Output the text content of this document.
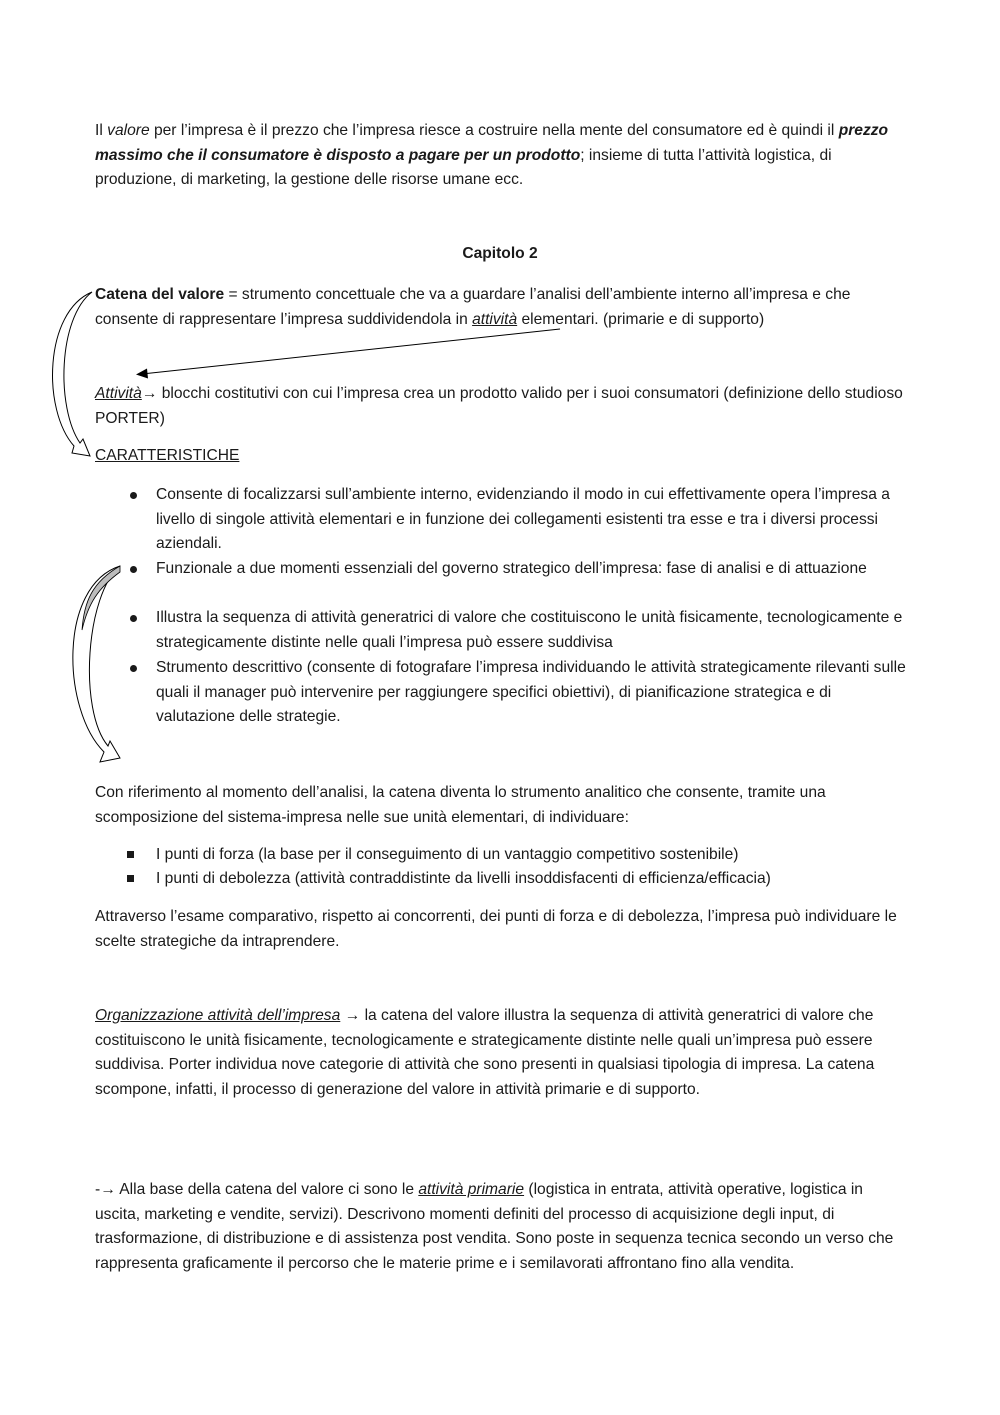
Il valore per l’impresa è il prezzo che l’impresa riesce a costruire nella mente del consumatore ed è quindi il prezzo massimo che il consumatore è disposto a pagare per un prodotto; insieme di tutta l’attività logistica, di produzione, di marketing, la gestione delle risorse umane ecc.
Capitolo 2
Catena del valore = strumento concettuale che va a guardare l’analisi dell’ambiente interno all’impresa e che consente di rappresentare l’impresa suddividendola in attività elementari. (primarie e di supporto)
Attività→ blocchi costitutivi con cui l’impresa crea un prodotto valido per i suoi consumatori (definizione dello studioso PORTER)
CARATTERISTICHE
Consente di focalizzarsi sull’ambiente interno, evidenziando il modo in cui effettivamente opera l’impresa a livello di singole attività elementari e in funzione dei collegamenti esistenti tra esse e tra i diversi processi aziendali.
Funzionale a due momenti essenziali del governo strategico dell’impresa: fase di analisi e di attuazione
Illustra la sequenza di attività generatrici di valore che costituiscono le unità fisicamente, tecnologicamente e strategicamente distinte nelle quali l’impresa può essere suddivisa
Strumento descrittivo (consente di fotografare l’impresa individuando le attività strategicamente rilevanti sulle quali il manager può intervenire per raggiungere specifici obiettivi), di pianificazione strategica e di valutazione delle strategie.
Con riferimento al momento dell’analisi, la catena diventa lo strumento analitico che consente, tramite una scomposizione del sistema-impresa nelle sue unità elementari, di individuare:
I punti di forza (la base per il conseguimento di un vantaggio competitivo sostenibile)
I punti di debolezza (attività contraddistinte da livelli insoddisfacenti di efficienza/efficacia)
Attraverso l’esame comparativo, rispetto ai concorrenti, dei punti di forza e di debolezza, l’impresa può individuare le scelte strategiche da intraprendere.
Organizzazione attività dell’impresa → la catena del valore illustra la sequenza di attività generatrici di valore che costituiscono le unità fisicamente, tecnologicamente e strategicamente distinte nelle quali un’impresa può essere suddivisa. Porter individua nove categorie di attività che sono presenti in qualsiasi tipologia di impresa. La catena scompone, infatti, il processo di generazione del valore in attività primarie e di supporto.
-→ Alla base della catena del valore ci sono le attività primarie (logistica in entrata, attività operative, logistica in uscita, marketing e vendite, servizi). Descrivono momenti definiti del processo di acquisizione degli input, di trasformazione, di distribuzione e di assistenza post vendita. Sono poste in sequenza tecnica secondo un verso che rappresenta graficamente il percorso che le materie prime e i semilavorati affrontano fino alla vendita.
